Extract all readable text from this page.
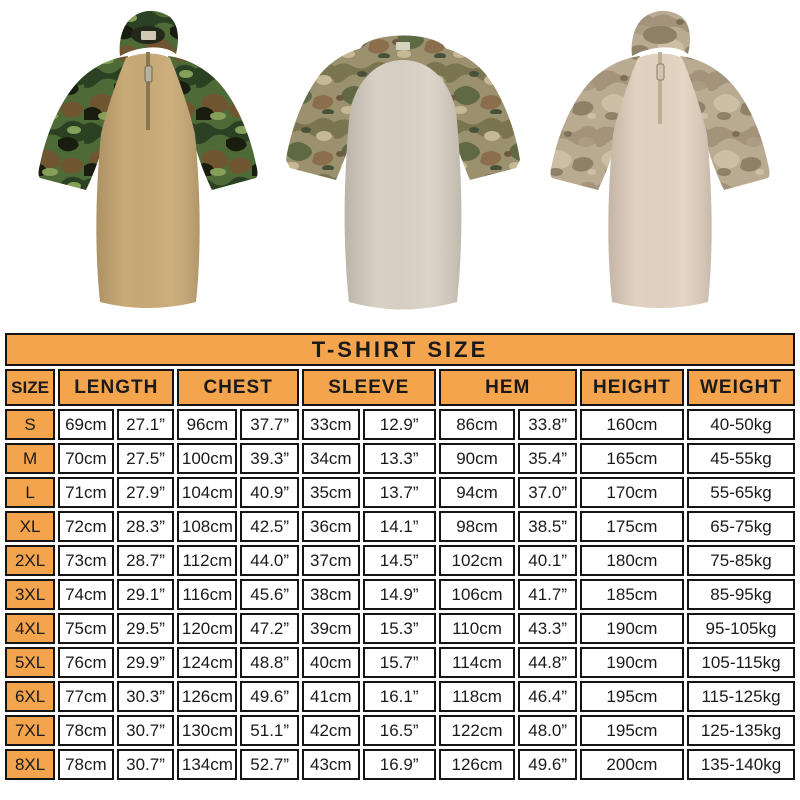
T-SHIRT SIZE										
SIZE	LENGTH		CHEST		SLEEVE		HEM		HEIGHT	WEIGHT
S	69cm	27.1”	96cm	37.7”	33cm	12.9”	86cm	33.8”	160cm	40-50kg
M	70cm	27.5”	100cm	39.3”	34cm	13.3”	90cm	35.4”	165cm	45-55kg
L	71cm	27.9”	104cm	40.9”	35cm	13.7”	94cm	37.0”	170cm	55-65kg
XL	72cm	28.3”	108cm	42.5”	36cm	14.1”	98cm	38.5”	175cm	65-75kg
2XL	73cm	28.7”	112cm	44.0”	37cm	14.5”	102cm	40.1”	180cm	75-85kg
3XL	74cm	29.1”	116cm	45.6”	38cm	14.9”	106cm	41.7”	185cm	85-95kg
4XL	75cm	29.5”	120cm	47.2”	39cm	15.3”	110cm	43.3”	190cm	95-105kg
5XL	76cm	29.9”	124cm	48.8”	40cm	15.7”	114cm	44.8”	190cm	105-115kg
6XL	77cm	30.3”	126cm	49.6”	41cm	16.1”	118cm	46.4”	195cm	115-125kg
7XL	78cm	30.7”	130cm	51.1”	42cm	16.5”	122cm	48.0”	195cm	125-135kg
8XL	78cm	30.7”	134cm	52.7”	43cm	16.9”	126cm	49.6”	200cm	135-140kg
